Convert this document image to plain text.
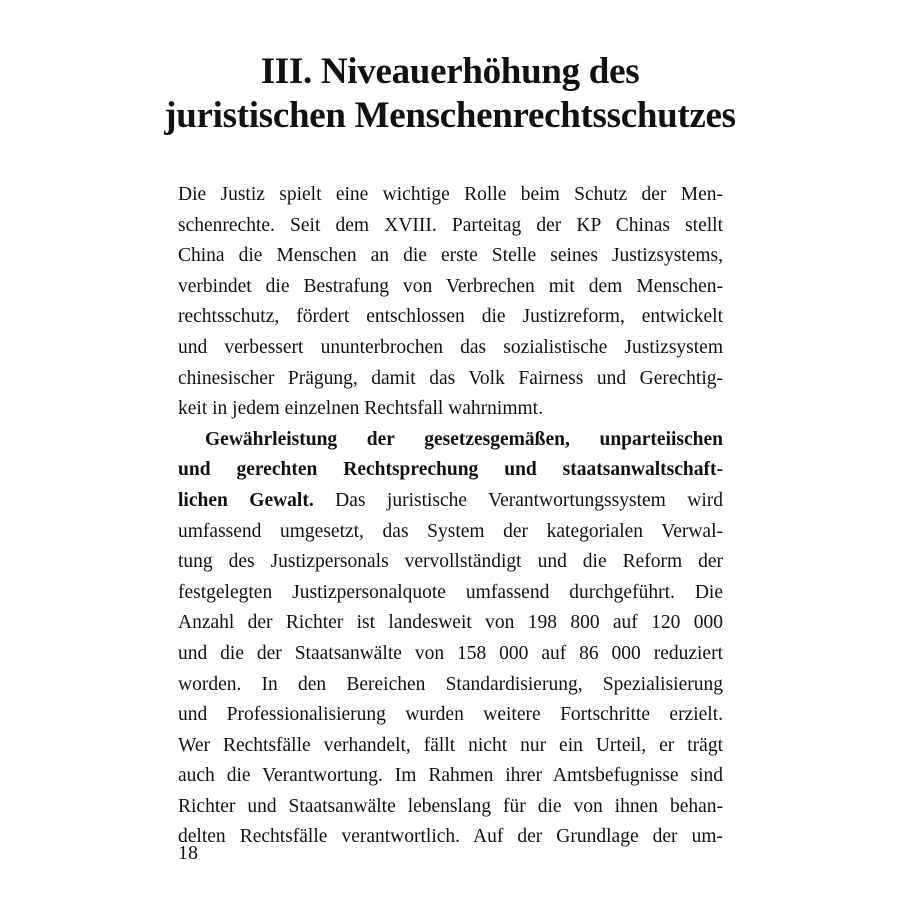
III. Niveauerhöhung des
juristischen Menschenrechtsschutzes
Die Justiz spielt eine wichtige Rolle beim Schutz der Men-
schenrechte. Seit dem XVIII. Parteitag der KP Chinas stellt
China die Menschen an die erste Stelle seines Justizsystems,
verbindet die Bestrafung von Verbrechen mit dem Menschen-
rechtsschutz, fördert entschlossen die Justizreform, entwickelt
und verbessert ununterbrochen das sozialistische Justizsystem
chinesischer Prägung, damit das Volk Fairness und Gerechtig-
keit in jedem einzelnen Rechtsfall wahrnimmt.
Gewährleistung der gesetzesgemäßen, unparteiischen
und gerechten Rechtsprechung und staatsanwaltschaft-
lichen Gewalt. Das juristische Verantwortungssystem wird
umfassend umgesetzt, das System der kategorialen Verwal-
tung des Justizpersonals vervollständigt und die Reform der
festgelegten Justizpersonalquote umfassend durchgeführt. Die
Anzahl der Richter ist landesweit von 198 800 auf 120 000
und die der Staatsanwälte von 158 000 auf 86 000 reduziert
worden. In den Bereichen Standardisierung, Spezialisierung
und Professionalisierung wurden weitere Fortschritte erzielt.
Wer Rechtsfälle verhandelt, fällt nicht nur ein Urteil, er trägt
auch die Verantwortung. Im Rahmen ihrer Amtsbefugnisse sind
Richter und Staatsanwälte lebenslang für die von ihnen behan-
delten Rechtsfälle verantwortlich. Auf der Grundlage der um-
18
